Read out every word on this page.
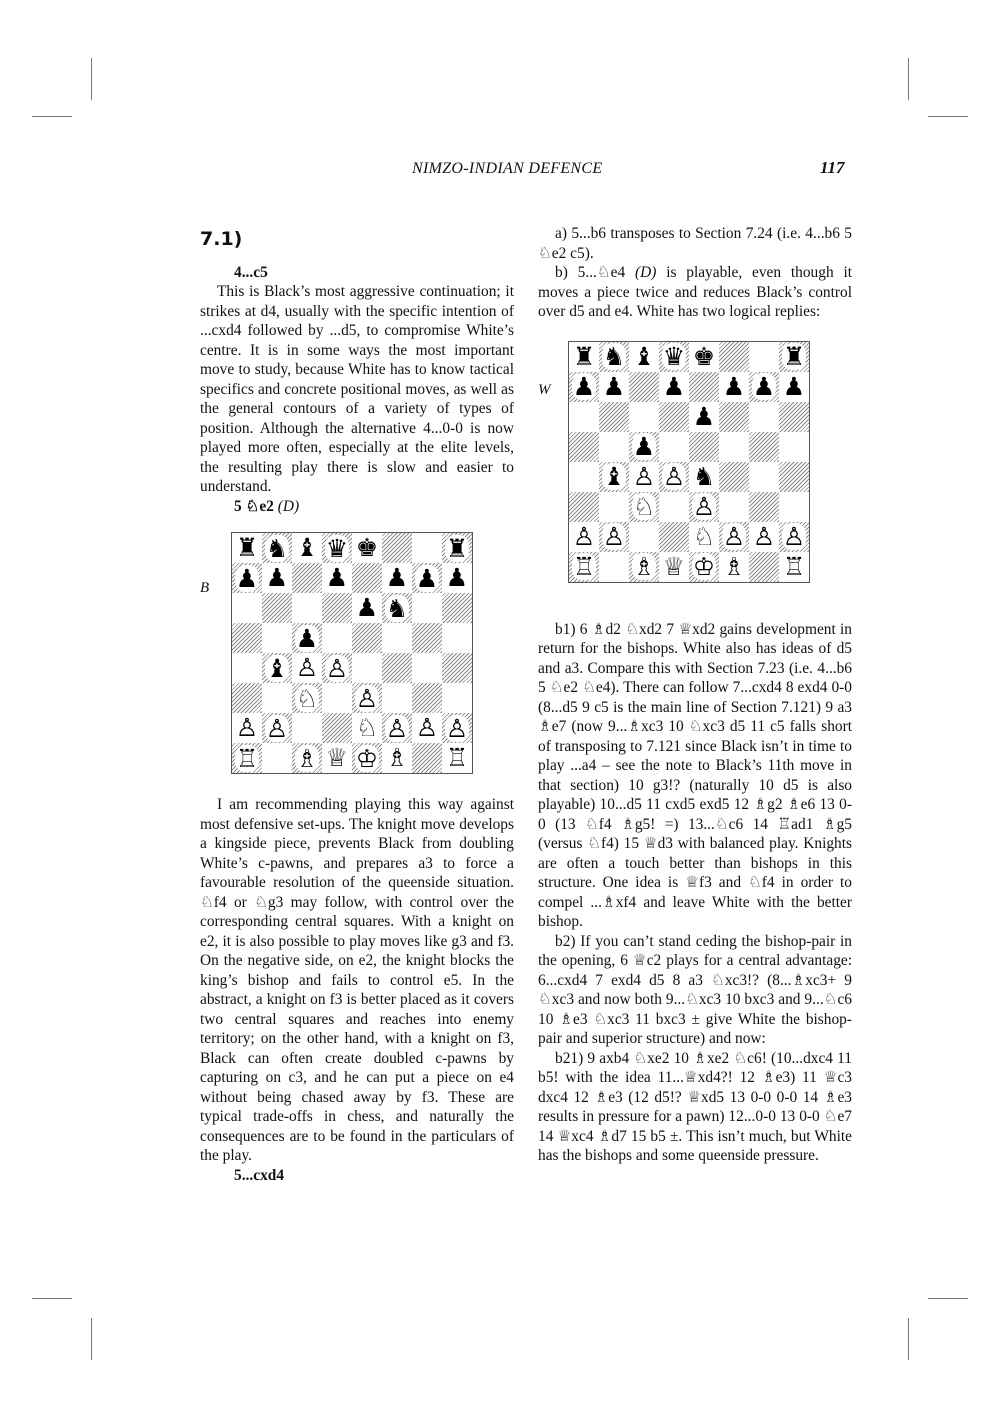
NIMZO-INDIAN DEFENCE	117
7.1)

4...c5

This is Black’s most aggressive continuation; it strikes at d4, usually with the specific intention of ...cxd4 followed by ...d5, to compromise White’s centre. It is in some ways the most important move to study, because White has to know tactical specifics and concrete positional moves, as well as the general contours of a variety of types of position. Although the alternative 4...0-0 is now played more often, especially at the elite levels, the resulting play there is slow and easier to understand.

5 ♘e2 (D)

B
♜ ♞ ♝ ♛ ♚	♜
♟ ♟ ♟ ♟ ♟ ♟
♟ ♞
♟
♝ ♙ ♙
♘ ♙
♙ ♙	♘ ♙ ♙ ♙
♖ ♗ ♕ ♔ ♗ ♖

I am recommending playing this way against most defensive set-ups. The knight move develops a kingside piece, prevents Black from doubling White’s c-pawns, and prepares a3 to force a favourable resolution of the queenside situation. ♘f4 or ♘g3 may follow, with control over the corresponding central squares. With a knight on e2, it is also possible to play moves like g3 and f3. On the negative side, on e2, the knight blocks the king’s bishop and fails to control e5. In the abstract, a knight on f3 is better placed as it covers two central squares and reaches into enemy territory; on the other hand, with a knight on f3, Black can often create doubled c-pawns by capturing on c3, and he can put a piece on e4 without being chased away by f3. These are typical trade-offs in chess, and naturally the consequences are to be found in the particulars of the play.

5...cxd4

a) 5...b6 transposes to Section 7.24 (i.e. 4...b6 5 ♘e2 c5).

b) 5...♘e4 (D) is playable, even though it moves a piece twice and reduces Black’s control over d5 and e4. White has two logical replies:

W
♜ ♞ ♝ ♛ ♚	♜
♟ ♟ ♟ ♟ ♟ ♟
♟
♟
♝ ♙ ♙ ♞
♘ ♙
♙ ♙	♘ ♙ ♙ ♙
♖ ♗ ♕ ♔ ♗ ♖

b1) 6 ♗d2 ♘xd2 7 ♕xd2 gains development in return for the bishops. White also has ideas of d5 and a3. Compare this with Section 7.23 (i.e. 4...b6 5 ♘e2 ♘e4). There can follow 7...cxd4 8 exd4 0-0 (8...d5 9 c5 is the main line of Section 7.121) 9 a3 ♗e7 (now 9...♗xc3 10 ♘xc3 d5 11 c5 falls short of transposing to 7.121 since Black isn’t in time to play ...a4 – see the note to Black’s 11th move in that section) 10 g3!? (naturally 10 d5 is also playable) 10...d5 11 cxd5 exd5 12 ♗g2 ♗e6 13 0-0 (13 ♘f4 ♗g5! =) 13...♘c6 14 ♖ad1 ♗g5 (versus ♘f4) 15 ♕d3 with balanced play. Knights are often a touch better than bishops in this structure. One idea is ♕f3 and ♘f4 in order to compel ...♗xf4 and leave White with the better bishop.

b2) If you can’t stand ceding the bishop-pair in the opening, 6 ♕c2 plays for a central advantage: 6...cxd4 7 exd4 d5 8 a3 ♘xc3!? (8...♗xc3+ 9 ♘xc3 and now both 9...♘xc3 10 bxc3 and 9...♘c6 10 ♗e3 ♘xc3 11 bxc3 ± give White the bishop-pair and superior structure) and now:

b21) 9 axb4 ♘xe2 10 ♗xe2 ♘c6! (10...dxc4 11 b5! with the idea 11...♕xd4?! 12 ♗e3) 11 ♕c3 dxc4 12 ♗e3 (12 d5!? ♕xd5 13 0-0 0-0 14 ♗e3 results in pressure for a pawn) 12...0-0 13 0-0 ♘e7 14 ♕xc4 ♗d7 15 b5 ±. This isn’t much, but White has the bishops and some queenside pressure.
